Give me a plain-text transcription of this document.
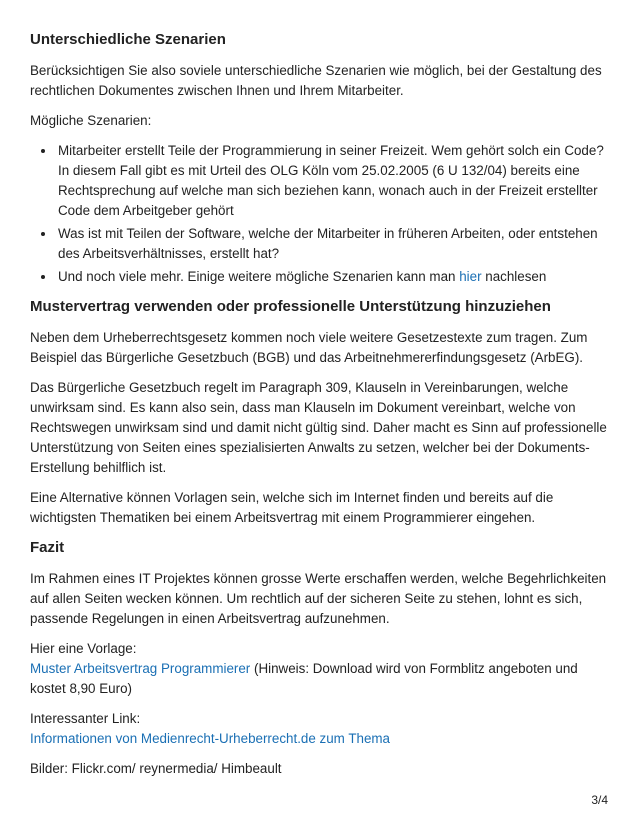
Unterschiedliche Szenarien

Berücksichtigen Sie also soviele unterschiedliche Szenarien wie möglich, bei der Gestaltung des rechtlichen Dokumentes zwischen Ihnen und Ihrem Mitarbeiter.

Mögliche Szenarien:

• Mitarbeiter erstellt Teile der Programmierung in seiner Freizeit. Wem gehört solch ein Code? In diesem Fall gibt es mit Urteil des OLG Köln vom 25.02.2005 (6 U 132/04) bereits eine Rechtsprechung auf welche man sich beziehen kann, wonach auch in der Freizeit erstellter Code dem Arbeitgeber gehört
• Was ist mit Teilen der Software, welche der Mitarbeiter in früheren Arbeiten, oder entstehen des Arbeitsverhältnisses, erstellt hat?
• Und noch viele mehr. Einige weitere mögliche Szenarien kann man hier nachlesen
Mustervertrag verwenden oder professionelle Unterstützung hinzuziehen

Neben dem Urheberrechtsgesetz kommen noch viele weitere Gesetzestexte zum tragen. Zum Beispiel das Bürgerliche Gesetzbuch (BGB) und das Arbeitnehmererfindungsgesetz (ArbEG).

Das Bürgerliche Gesetzbuch regelt im Paragraph 309, Klauseln in Vereinbarungen, welche unwirksam sind. Es kann also sein, dass man Klauseln im Dokument vereinbart, welche von Rechtswegen unwirksam sind und damit nicht gültig sind. Daher macht es Sinn auf professionelle Unterstützung von Seiten eines spezialisierten Anwalts zu setzen, welcher bei der Dokuments-Erstellung behilflich ist.

Eine Alternative können Vorlagen sein, welche sich im Internet finden und bereits auf die wichtigsten Thematiken bei einem Arbeitsvertrag mit einem Programmierer eingehen.

Fazit

Im Rahmen eines IT Projektes können grosse Werte erschaffen werden, welche Begehrlichkeiten auf allen Seiten wecken können. Um rechtlich auf der sicheren Seite zu stehen, lohnt es sich, passende Regelungen in einen Arbeitsvertrag aufzunehmen.

Hier eine Vorlage:
Muster Arbeitsvertrag Programmierer (Hinweis: Download wird von Formblitz angeboten und kostet 8,90 Euro)

Interessanter Link:
Informationen von Medienrecht-Urheberrecht.de zum Thema

Bilder: Flickr.com/ reynermedia/ Himbeault

3/4
